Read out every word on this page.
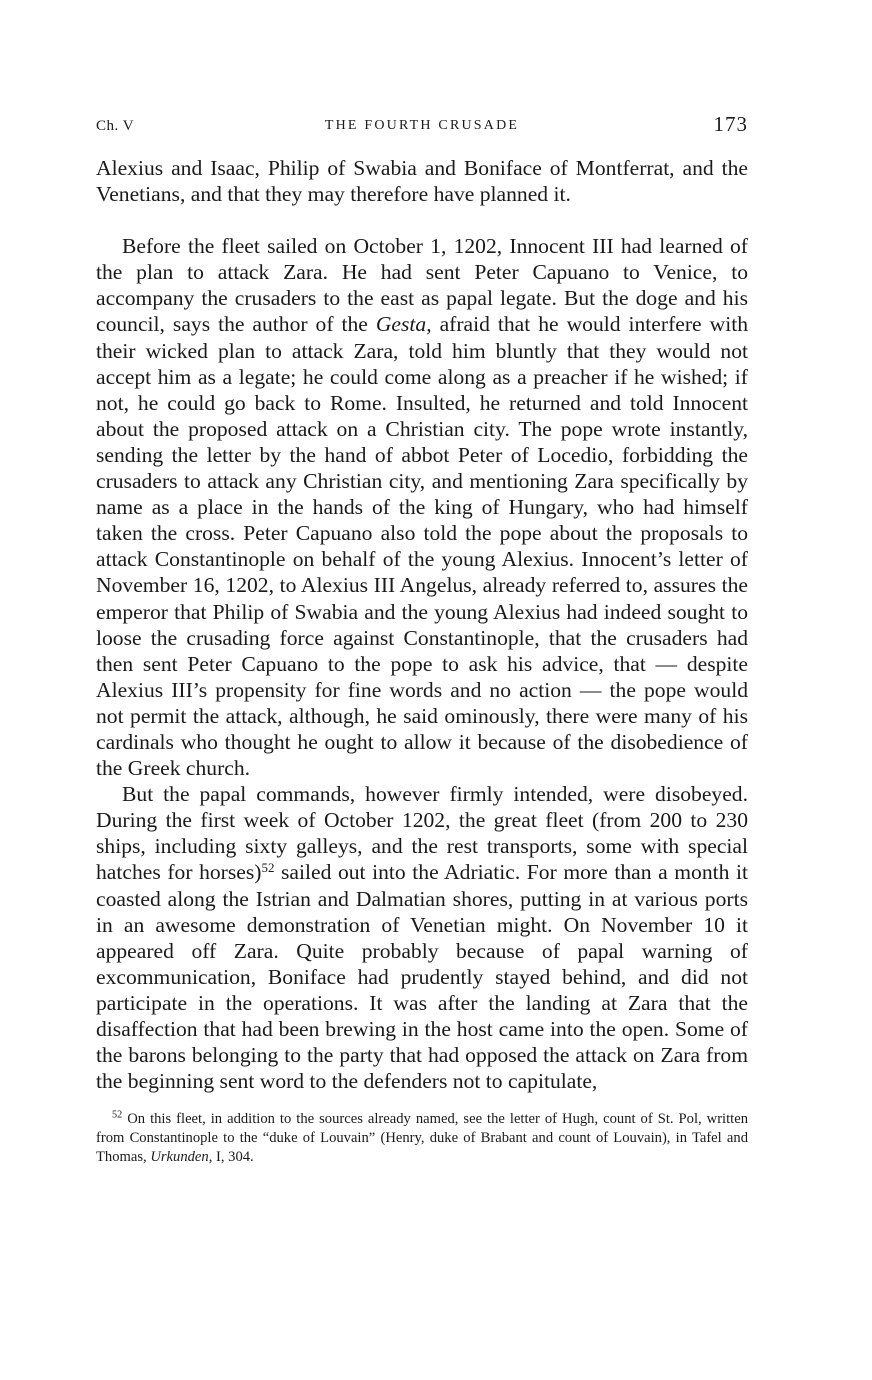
Ch. V	THE FOURTH CRUSADE	173

Alexius and Isaac, Philip of Swabia and Boniface of Montferrat, and the Venetians, and that they may therefore have planned it.

Before the fleet sailed on October 1, 1202, Innocent III had learned of the plan to attack Zara. He had sent Peter Capuano to Venice, to accompany the crusaders to the east as papal legate. But the doge and his council, says the author of the Gesta, afraid that he would interfere with their wicked plan to attack Zara, told him bluntly that they would not accept him as a legate; he could come along as a preacher if he wished; if not, he could go back to Rome. Insulted, he returned and told Innocent about the proposed attack on a Christian city. The pope wrote instantly, sending the letter by the hand of abbot Peter of Locedio, forbidding the crusaders to attack any Christian city, and mentioning Zara specifically by name as a place in the hands of the king of Hungary, who had himself taken the cross. Peter Capuano also told the pope about the proposals to attack Constantinople on behalf of the young Alexius. Innocent’s letter of November 16, 1202, to Alexius III Angelus, already referred to, assures the emperor that Philip of Swabia and the young Alexius had indeed sought to loose the crusading force against Constantinople, that the crusaders had then sent Peter Capuano to the pope to ask his advice, that — despite Alexius III’s propensity for fine words and no action — the pope would not permit the attack, although, he said ominously, there were many of his cardinals who thought he ought to allow it because of the disobedience of the Greek church.

But the papal commands, however firmly intended, were disobeyed. During the first week of October 1202, the great fleet (from 200 to 230 ships, including sixty galleys, and the rest transports, some with special hatches for horses)$^{52}$ sailed out into the Adriatic. For more than a month it coasted along the Istrian and Dalmatian shores, putting in at various ports in an awesome demonstration of Venetian might. On November 10 it appeared off Zara. Quite probably because of papal warning of excommunication, Boniface had prudently stayed behind, and did not participate in the operations. It was after the landing at Zara that the disaffection that had been brewing in the host came into the open. Some of the barons belonging to the party that had opposed the attack on Zara from the beginning sent word to the defenders not to capitulate,

$^{52}$ On this fleet, in addition to the sources already named, see the letter of Hugh, count of St. Pol, written from Constantinople to the “duke of Louvain” (Henry, duke of Brabant and count of Louvain), in Tafel and Thomas, Urkunden, I, 304.
